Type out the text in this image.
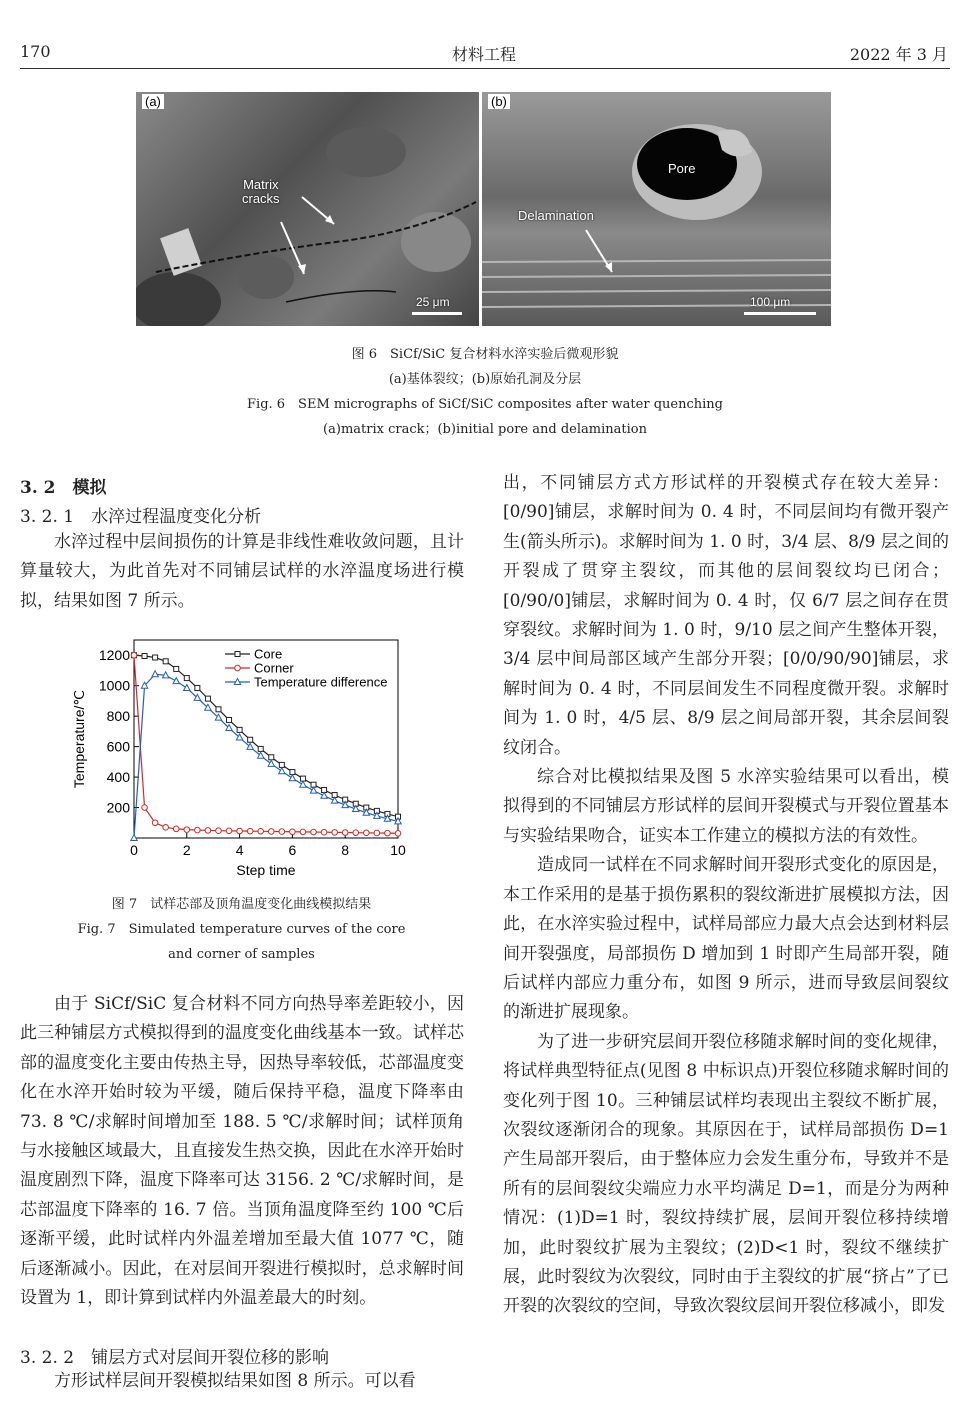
170	材料工程	2022 年 3 月
(a)
Matrix
cracks
25 μm
(b)
Pore
Delamination
100 μm
图 6　SiCf/SiC 复合材料水淬实验后微观形貌
(a)基体裂纹；(b)原始孔洞及分层
Fig. 6　SEM micrographs of SiCf/SiC composites after water quenching
(a)matrix crack；(b)initial pore and delamination
3. 2　模拟
3. 2. 1　水淬过程温度变化分析

水淬过程中层间损伤的计算是非线性难收敛问题，且计算量较大，为此首先对不同铺层试样的水淬温度场进行模拟，结果如图 7 所示。

0	2	4	6	8	10
200
400
600
800
1000
1200	Core
Corner
Temperature difference
Temperature/℃
Step time
图 7　试样芯部及顶角温度变化曲线模拟结果
Fig. 7　Simulated temperature curves of the core
and corner of samples

由于 SiCf/SiC 复合材料不同方向热导率差距较小，因此三种铺层方式模拟得到的温度变化曲线基本一致。试样芯部的温度变化主要由传热主导，因热导率较低，芯部温度变化在水淬开始时较为平缓，随后保持平稳，温度下降率由 73. 8 ℃/求解时间增加至 188. 5 ℃/求解时间；试样顶角与水接触区域最大，且直接发生热交换，因此在水淬开始时温度剧烈下降，温度下降率可达 3156. 2 ℃/求解时间，是芯部温度下降率的 16. 7 倍。当顶角温度降至约 100 ℃后逐渐平缓，此时试样内外温差增加至最大值 1077 ℃，随后逐渐减小。因此，在对层间开裂进行模拟时，总求解时间设置为 1，即计算到试样内外温差最大的时刻。

3. 2. 2　铺层方式对层间开裂位移的影响

方形试样层间开裂模拟结果如图 8 所示。可以看

出，不同铺层方式方形试样的开裂模式存在较大差异：[0/90]铺层，求解时间为 0. 4 时，不同层间均有微开裂产生(箭头所示)。求解时间为 1. 0 时，3/4 层、8/9 层之间的开裂成了贯穿主裂纹，而其他的层间裂纹均已闭合；[0/90/0]铺层，求解时间为 0. 4 时，仅 6/7 层之间存在贯穿裂纹。求解时间为 1. 0 时，9/10 层之间产生整体开裂，3/4 层中间局部区域产生部分开裂；[0/0/90/90]铺层，求解时间为 0. 4 时，不同层间发生不同程度微开裂。求解时间为 1. 0 时，4/5 层、8/9 层之间局部开裂，其余层间裂纹闭合。

综合对比模拟结果及图 5 水淬实验结果可以看出，模拟得到的不同铺层方形试样的层间开裂模式与开裂位置基本与实验结果吻合，证实本工作建立的模拟方法的有效性。

造成同一试样在不同求解时间开裂形式变化的原因是，本工作采用的是基于损伤累积的裂纹渐进扩展模拟方法，因此，在水淬实验过程中，试样局部应力最大点会达到材料层间开裂强度，局部损伤 D 增加到 1 时即产生局部开裂，随后试样内部应力重分布，如图 9 所示，进而导致层间裂纹的渐进扩展现象。

为了进一步研究层间开裂位移随求解时间的变化规律，将试样典型特征点(见图 8 中标识点)开裂位移随求解时间的变化列于图 10。三种铺层试样均表现出主裂纹不断扩展，次裂纹逐渐闭合的现象。其原因在于，试样局部损伤 D=1 产生局部开裂后，由于整体应力会发生重分布，导致并不是所有的层间裂纹尖端应力水平均满足 D=1，而是分为两种情况：(1)D=1 时，裂纹持续扩展，层间开裂位移持续增加，此时裂纹扩展为主裂纹；(2)D<1 时，裂纹不继续扩展，此时裂纹为次裂纹，同时由于主裂纹的扩展“挤占”了已开裂的次裂纹的空间，导致次裂纹层间开裂位移减小，即发
